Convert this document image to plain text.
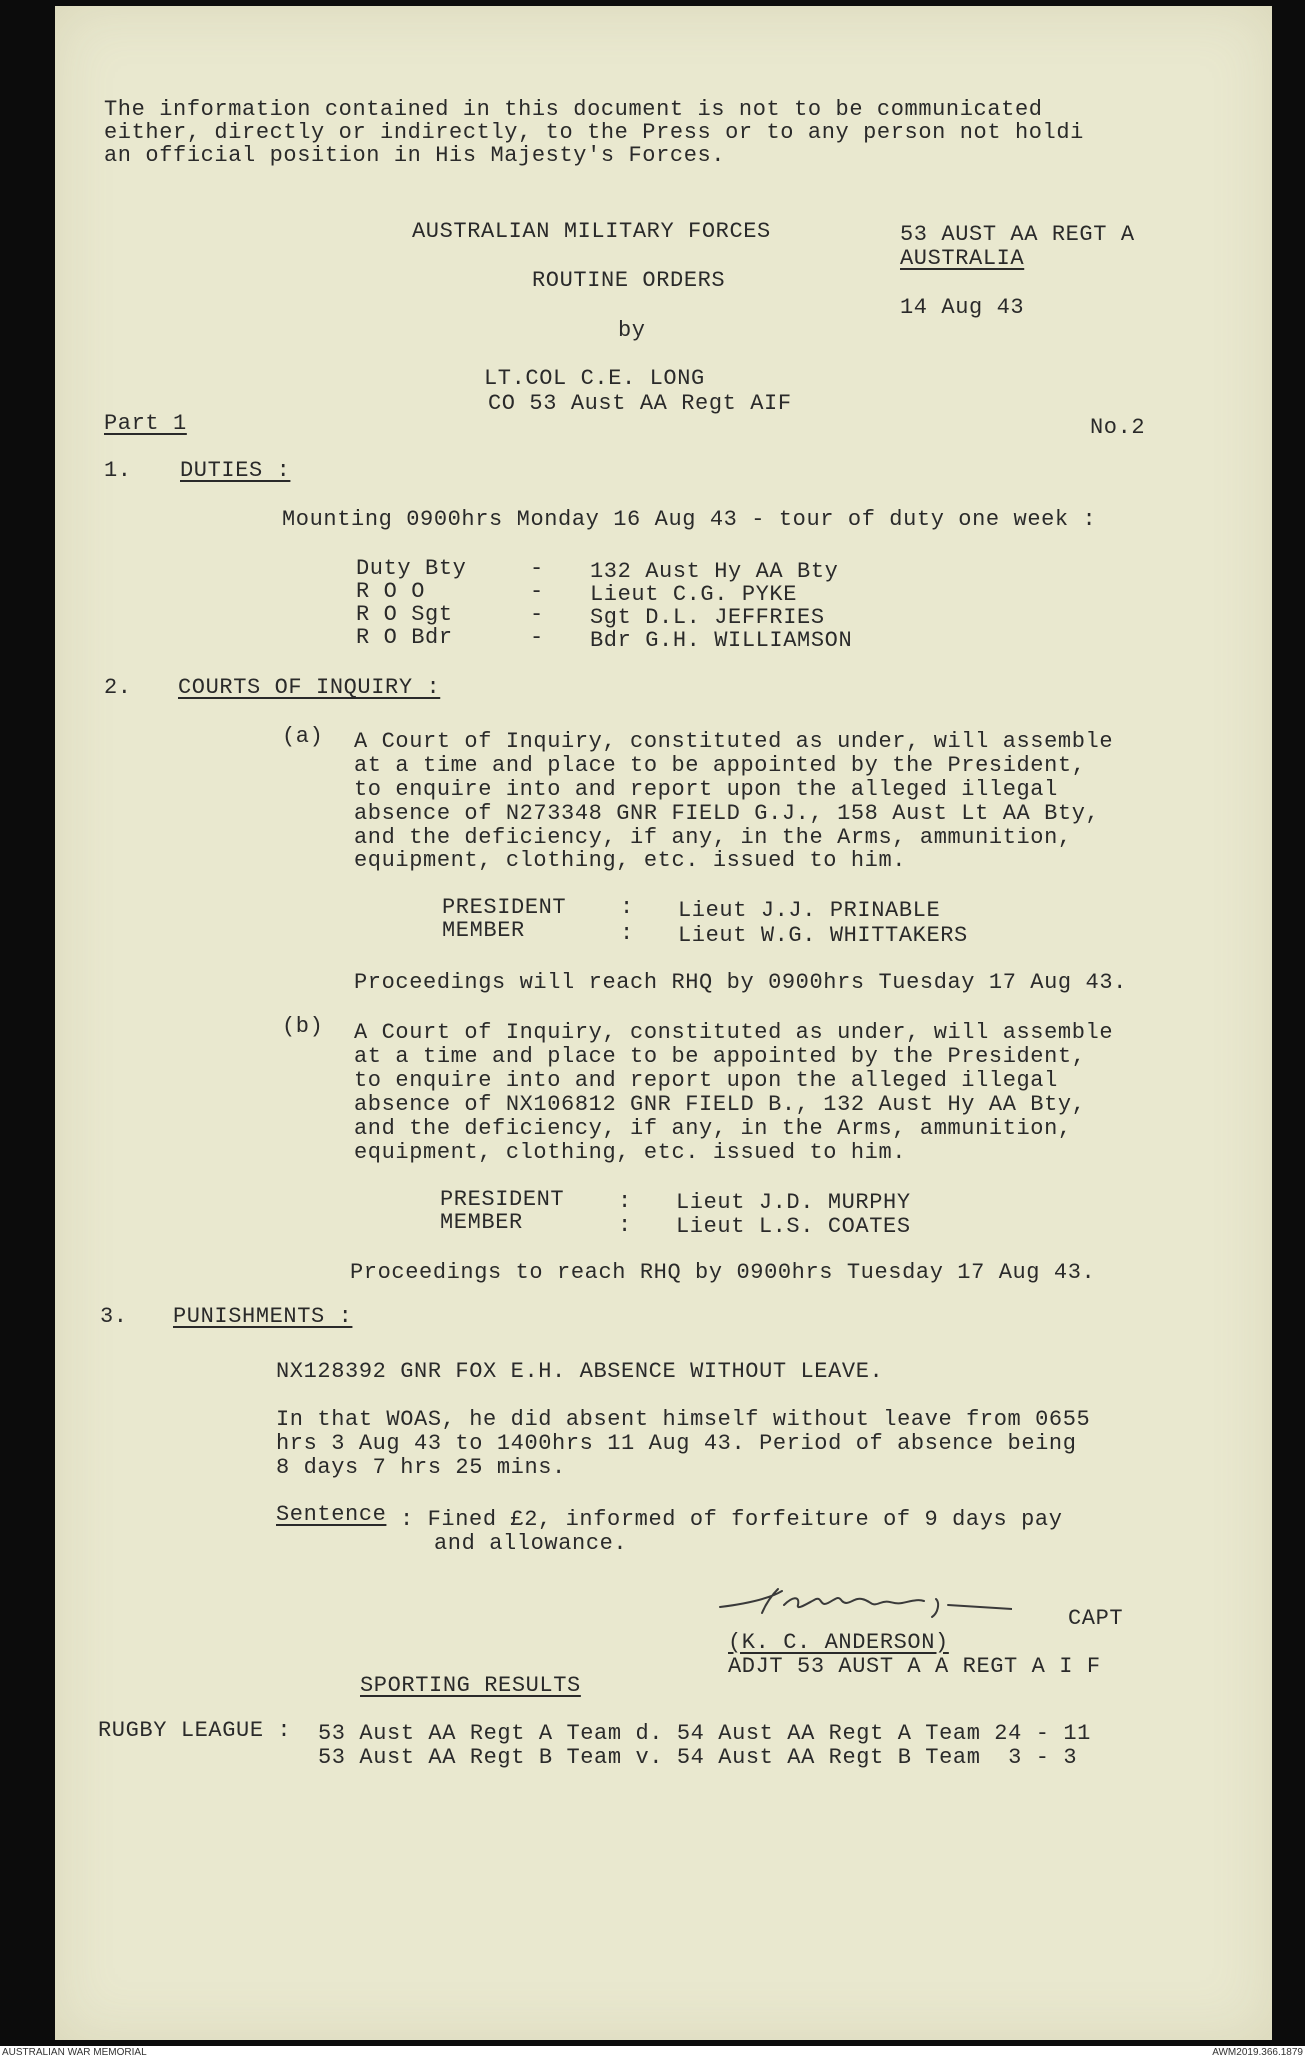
The information contained in this document is not to be communicated
either, directly or indirectly, to the Press or to any person not holdi
an official position in His Majesty's Forces.
AUSTRALIAN MILITARY FORCES
ROUTINE ORDERS
by
LT.COL C.E. LONG
CO 53 Aust AA Regt AIF
53 AUST AA REGT A
AUSTRALIA
14 Aug 43
Part 1	No.2
1. DUTIES :
Mounting 0900hrs Monday 16 Aug 43 - tour of duty one week :
Duty Bty	- 132 Aust Hy AA Bty
R O O	- Lieut C.G. PYKE
R O Sgt	- Sgt D.L. JEFFRIES
R O Bdr	- Bdr G.H. WILLIAMSON
2. COURTS OF INQUIRY :
(a) A Court of Inquiry, constituted as under, will assemble
at a time and place to be appointed by the President,
to enquire into and report upon the alleged illegal
absence of N273348 GNR FIELD G.J., 158 Aust Lt AA Bty,
and the deficiency, if any, in the Arms, ammunition,
equipment, clothing, etc. issued to him.
PRESIDENT : Lieut J.J. PRINABLE
MEMBER	: Lieut W.G. WHITTAKERS
Proceedings will reach RHQ by 0900hrs Tuesday 17 Aug 43.
(b) A Court of Inquiry, constituted as under, will assemble
at a time and place to be appointed by the President,
to enquire into and report upon the alleged illegal
absence of NX106812 GNR FIELD B., 132 Aust Hy AA Bty,
and the deficiency, if any, in the Arms, ammunition,
equipment, clothing, etc. issued to him.
PRESIDENT : Lieut J.D. MURPHY
MEMBER	: Lieut L.S. COATES
Proceedings to reach RHQ by 0900hrs Tuesday 17 Aug 43.
3. PUNISHMENTS :
NX128392 GNR FOX E.H. ABSENCE WITHOUT LEAVE.
In that WOAS, he did absent himself without leave from 0655
hrs 3 Aug 43 to 1400hrs 11 Aug 43. Period of absence being
8 days 7 hrs 25 mins.
Sentence : Fined £2, informed of forfeiture of 9 days pay
and allowance.
CAPT
(K. C. ANDERSON)
ADJT 53 AUST A A REGT A I F
SPORTING RESULTS
RUGBY LEAGUE : 53 Aust AA Regt A Team d. 54 Aust AA Regt A Team 24 - 11
53 Aust AA Regt B Team v. 54 Aust AA Regt B Team  3 - 3
AUSTRALIAN WAR MEMORIAL	AWM2019.366.1879
